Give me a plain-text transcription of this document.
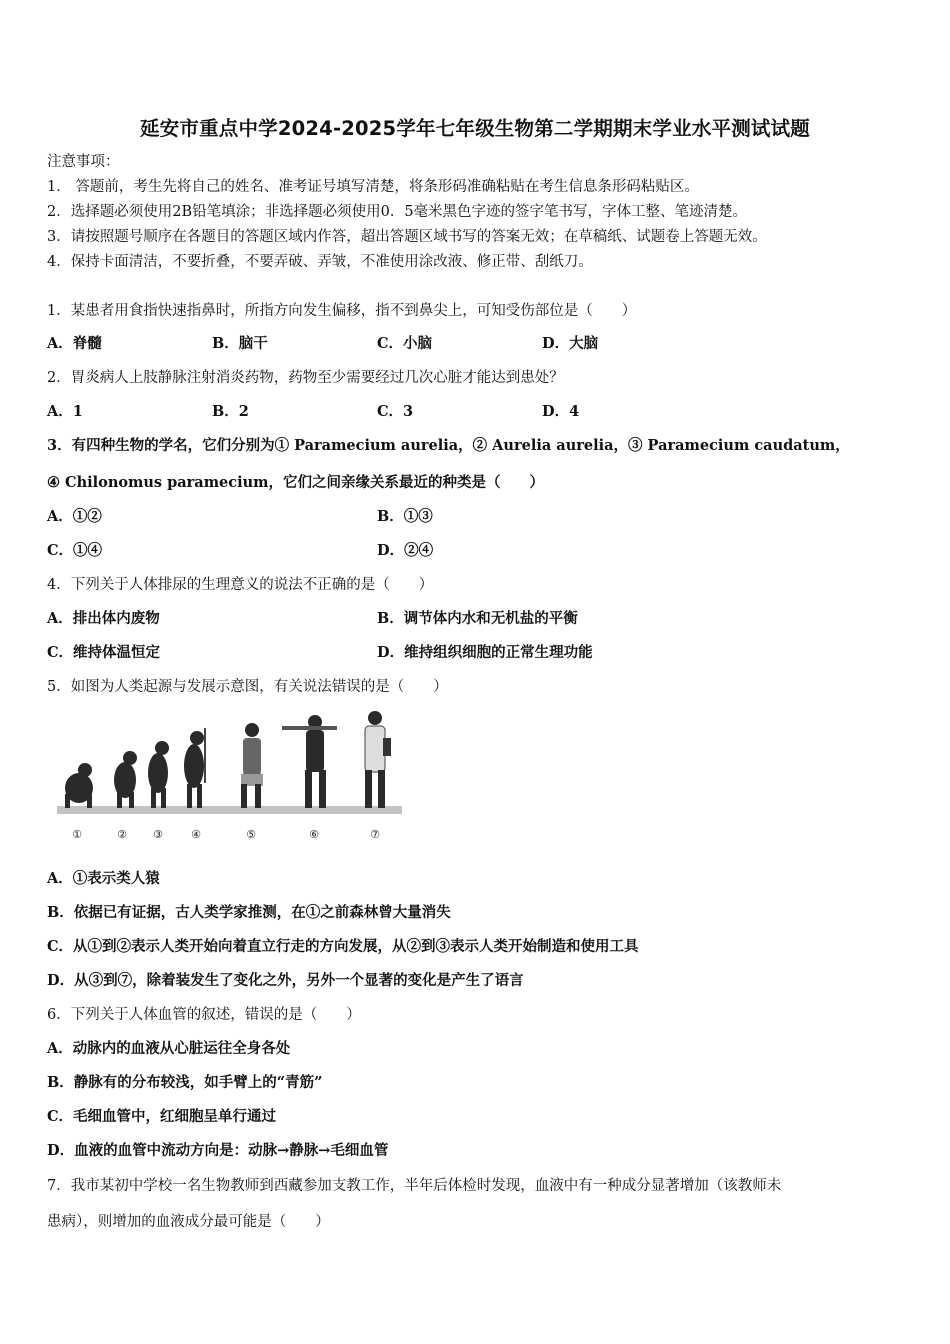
延安市重点中学2024-2025学年七年级生物第二学期期末学业水平测试试题
注意事项：
1． 答题前，考生先将自己的姓名、准考证号填写清楚，将条形码准确粘贴在考生信息条形码粘贴区。
2．选择题必须使用2B铅笔填涂；非选择题必须使用0．5毫米黑色字迹的签字笔书写，字体工整、笔迹清楚。
3．请按照题号顺序在各题目的答题区域内作答，超出答题区域书写的答案无效；在草稿纸、试题卷上答题无效。
4．保持卡面清洁，不要折叠，不要弄破、弄皱，不准使用涂改液、修正带、刮纸刀。
1．某患者用食指快速指鼻时，所指方向发生偏移，指不到鼻尖上，可知受伤部位是（　　）
A．脊髓	B．脑干	C．小脑	D．大脑
2．胃炎病人上肢静脉注射消炎药物，药物至少需要经过几次心脏才能达到患处？
A．1	B．2	C．3	D．4
3．有四种生物的学名，它们分别为① Paramecium aurelia，② Aurelia aurelia，③ Paramecium caudatum，
④ Chilonomus paramecium，它们之间亲缘关系最近的种类是（　　）
A．①②	B．①③
C．①④	D．②④
4．下列关于人体排尿的生理意义的说法不正确的是（　　）
A．排出体内废物	B．调节体内水和无机盐的平衡
C．维持体温恒定	D．维持组织细胞的正常生理功能
5．如图为人类起源与发展示意图，有关说法错误的是（　　）
①	② ③	④	⑤	⑥	⑦
A．①表示类人猿
B．依据已有证据，古人类学家推测，在①之前森林曾大量消失
C．从①到②表示人类开始向着直立行走的方向发展，从②到③表示人类开始制造和使用工具
D．从③到⑦，除着装发生了变化之外，另外一个显著的变化是产生了语言
6．下列关于人体血管的叙述，错误的是（　　）
A．动脉内的血液从心脏运往全身各处
B．静脉有的分布较浅，如手臂上的“青筋”
C．毛细血管中，红细胞呈单行通过
D．血液的血管中流动方向是：动脉→静脉→毛细血管
7．我市某初中学校一名生物教师到西藏参加支教工作，半年后体检时发现，血液中有一种成分显著增加（该教师未
患病），则增加的血液成分最可能是（　　）
